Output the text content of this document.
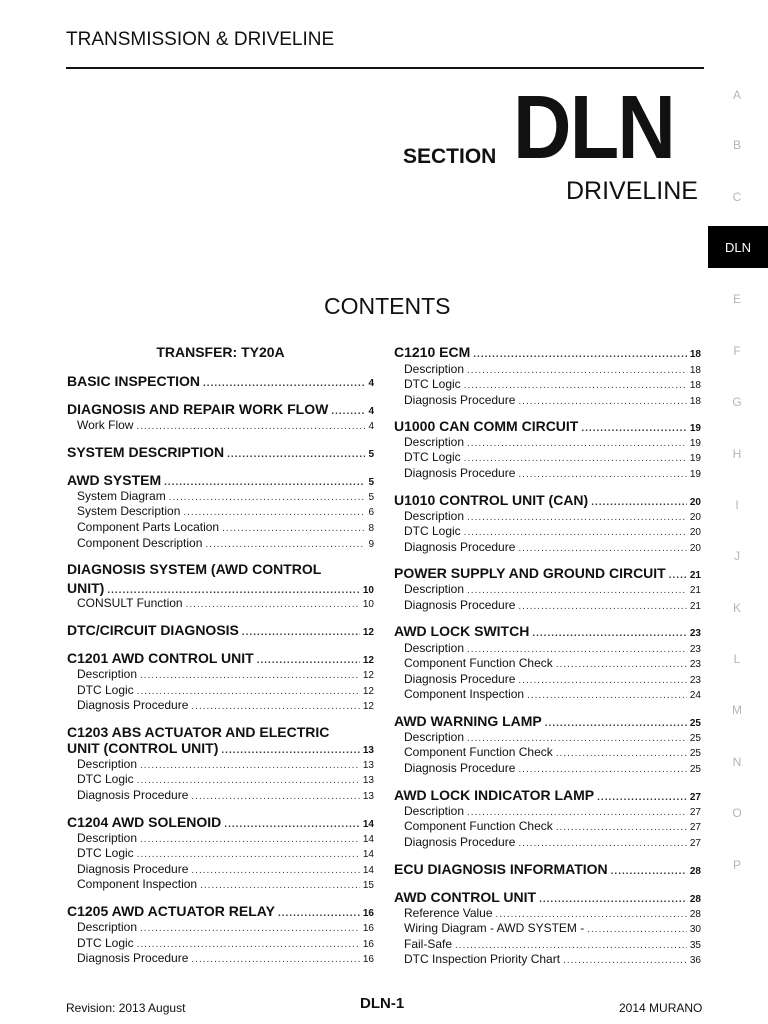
TRANSMISSION & DRIVELINE
SECTION DLN
DRIVELINE
CONTENTS
A
B
C
E
F
G
H
I
J
K
L
M
N
O
P
DLN
TRANSFER: TY20A
BASIC INSPECTION .....	4
DIAGNOSIS AND REPAIR WORK FLOW .....	4
Work Flow .....	4
SYSTEM DESCRIPTION .....	5
AWD SYSTEM .....	5
System Diagram .....	5
System Description .....	6
Component Parts Location .....	8
Component Description .....	9
DIAGNOSIS SYSTEM (AWD CONTROL
UNIT) .....	10
CONSULT Function .....	10
DTC/CIRCUIT DIAGNOSIS .....	12
C1201 AWD CONTROL UNIT .....	12
Description .....	12
DTC Logic .....	12
Diagnosis Procedure .....	12
C1203 ABS ACTUATOR AND ELECTRIC
UNIT (CONTROL UNIT) .....	13
Description .....	13
DTC Logic .....	13
Diagnosis Procedure .....	13
C1204 AWD SOLENOID .....	14
Description .....	14
DTC Logic .....	14
Diagnosis Procedure .....	14
Component Inspection .....	15
C1205 AWD ACTUATOR RELAY .....	16
Description .....	16
DTC Logic .....	16
Diagnosis Procedure .....	16
C1210 ECM .....	18
Description .....	18
DTC Logic .....	18
Diagnosis Procedure .....	18
U1000 CAN COMM CIRCUIT .....	19
Description .....	19
DTC Logic .....	19
Diagnosis Procedure .....	19
U1010 CONTROL UNIT (CAN) .....	20
Description .....	20
DTC Logic .....	20
Diagnosis Procedure .....	20
POWER SUPPLY AND GROUND CIRCUIT ..... 21
Description .....	21
Diagnosis Procedure .....	21
AWD LOCK SWITCH .....	23
Description .....	23
Component Function Check .....	23
Diagnosis Procedure .....	23
Component Inspection .....	24
AWD WARNING LAMP .....	25
Description .....	25
Component Function Check .....	25
Diagnosis Procedure .....	25
AWD LOCK INDICATOR LAMP .....	27
Description .....	27
Component Function Check .....	27
Diagnosis Procedure .....	27
ECU DIAGNOSIS INFORMATION .....	28
AWD CONTROL UNIT .....	28
Reference Value .....	28
Wiring Diagram - AWD SYSTEM - .....	30
Fail-Safe .....	35
DTC Inspection Priority Chart .....	36
Revision: 2013 August	DLN-1	2014 MURANO
